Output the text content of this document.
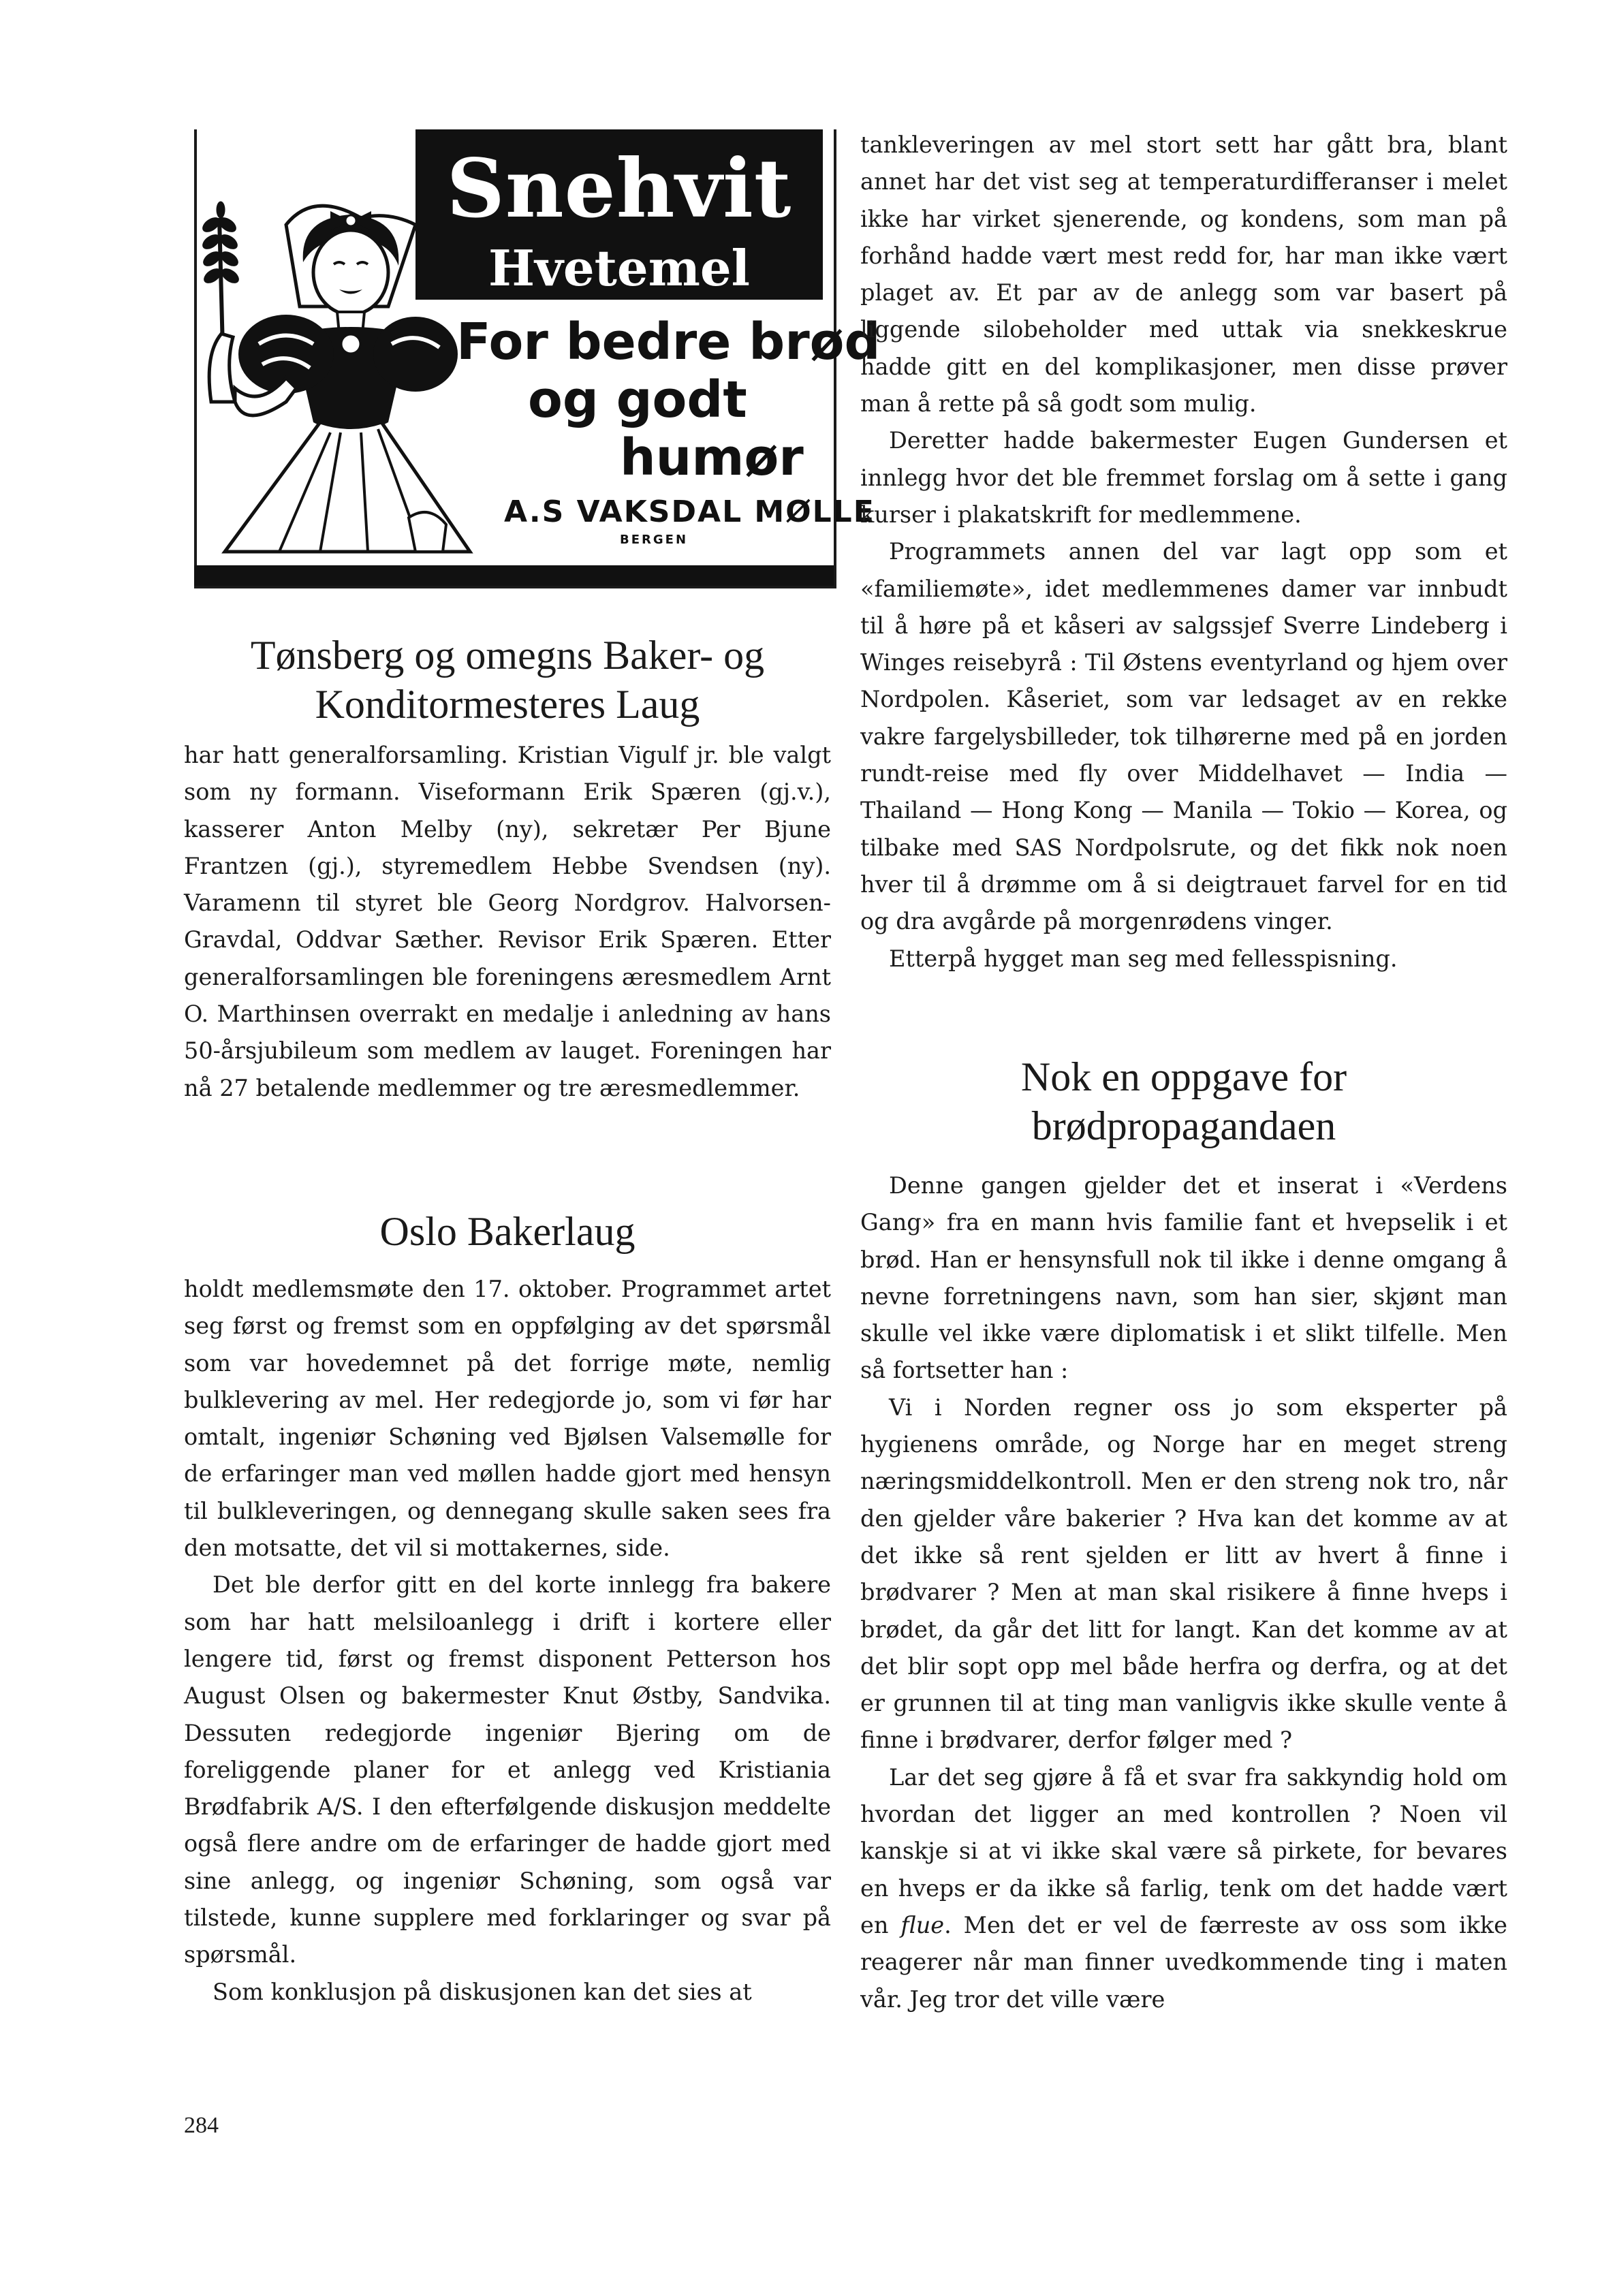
Snehvit
Hvetemel
For bedre brød
og godt
humør
A.S VAKSDAL MØLLE
BERGEN
Tønsberg og omegns Baker- og
Konditormesteres Laug

har hatt generalforsamling. Kristian Vigulf jr. ble valgt som ny formann. Viseformann Erik Spæren (gj.v.), kasserer Anton Melby (ny), sekretær Per Bjune Frantzen (gj.), styremedlem Hebbe Svendsen (ny). Varamenn til styret ble Georg Nordgrov. Halvorsen-Gravdal, Oddvar Sæther. Revisor Erik Spæren. Etter generalforsamlingen ble foreningens æresmedlem Arnt O. Marthinsen overrakt en medalje i anledning av hans 50-årsjubileum som medlem av lauget. Foreningen har nå 27 betalende medlemmer og tre æresmedlemmer.

Oslo Bakerlaug

holdt medlemsmøte den 17. oktober. Programmet artet seg først og fremst som en oppfølging av det spørsmål som var hovedemnet på det forrige møte, nemlig bulklevering av mel. Her redegjorde jo, som vi før har omtalt, ingeniør Schøning ved Bjølsen Valsemølle for de erfaringer man ved møllen hadde gjort med hensyn til bulkleveringen, og dennegang skulle saken sees fra den motsatte, det vil si mottakernes, side.

Det ble derfor gitt en del korte innlegg fra bakere som har hatt melsiloanlegg i drift i kortere eller lengere tid, først og fremst disponent Petterson hos August Olsen og bakermester Knut Østby, Sandvika. Dessuten redegjorde ingeniør Bjering om de foreliggende planer for et anlegg ved Kristiania Brødfabrik A/S. I den efterfølgende diskusjon meddelte også flere andre om de erfaringer de hadde gjort med sine anlegg, og ingeniør Schøning, som også var tilstede, kunne supplere med forklaringer og svar på spørsmål.

Som konklusjon på diskusjonen kan det sies at

tankleveringen av mel stort sett har gått bra, blant annet har det vist seg at temperaturdifferanser i melet ikke har virket sjenerende, og kondens, som man på forhånd hadde vært mest redd for, har man ikke vært plaget av. Et par av de anlegg som var basert på liggende silobeholder med uttak via snekkeskrue hadde gitt en del komplikasjoner, men disse prøver man å rette på så godt som mulig.

Deretter hadde bakermester Eugen Gundersen et innlegg hvor det ble fremmet forslag om å sette i gang kurser i plakatskrift for medlemmene.

Programmets annen del var lagt opp som et «familiemøte», idet medlemmenes damer var innbudt til å høre på et kåseri av salgssjef Sverre Lindeberg i Winges reisebyrå : Til Østens eventyrland og hjem over Nordpolen. Kåseriet, som var ledsaget av en rekke vakre fargelysbilleder, tok tilhørerne med på en jorden rundt-reise med fly over Middelhavet — India — Thailand — Hong Kong — Manila — Tokio — Korea, og tilbake med SAS Nordpolsrute, og det fikk nok noen hver til å drømme om å si deigtrauet farvel for en tid og dra avgårde på morgenrødens vinger.

Etterpå hygget man seg med fellesspisning.

Nok en oppgave for
brødpropagandaen

Denne gangen gjelder det et inserat i «Verdens Gang» fra en mann hvis familie fant et hvepselik i et brød. Han er hensynsfull nok til ikke i denne omgang å nevne forretningens navn, som han sier, skjønt man skulle vel ikke være diplomatisk i et slikt tilfelle. Men så fortsetter han :

Vi i Norden regner oss jo som eksperter på hygienens område, og Norge har en meget streng næringsmiddelkontroll. Men er den streng nok tro, når den gjelder våre bakerier ? Hva kan det komme av at det ikke så rent sjelden er litt av hvert å finne i brødvarer ? Men at man skal risikere å finne hveps i brødet, da går det litt for langt. Kan det komme av at det blir sopt opp mel både herfra og derfra, og at det er grunnen til at ting man vanligvis ikke skulle vente å finne i brødvarer, derfor følger med ?

Lar det seg gjøre å få et svar fra sakkyndig hold om hvordan det ligger an med kontrollen ? Noen vil kanskje si at vi ikke skal være så pirkete, for bevares en hveps er da ikke så farlig, tenk om det hadde vært en flue. Men det er vel de færreste av oss som ikke reagerer når man finner uvedkommende ting i maten vår. Jeg tror det ville være

284
